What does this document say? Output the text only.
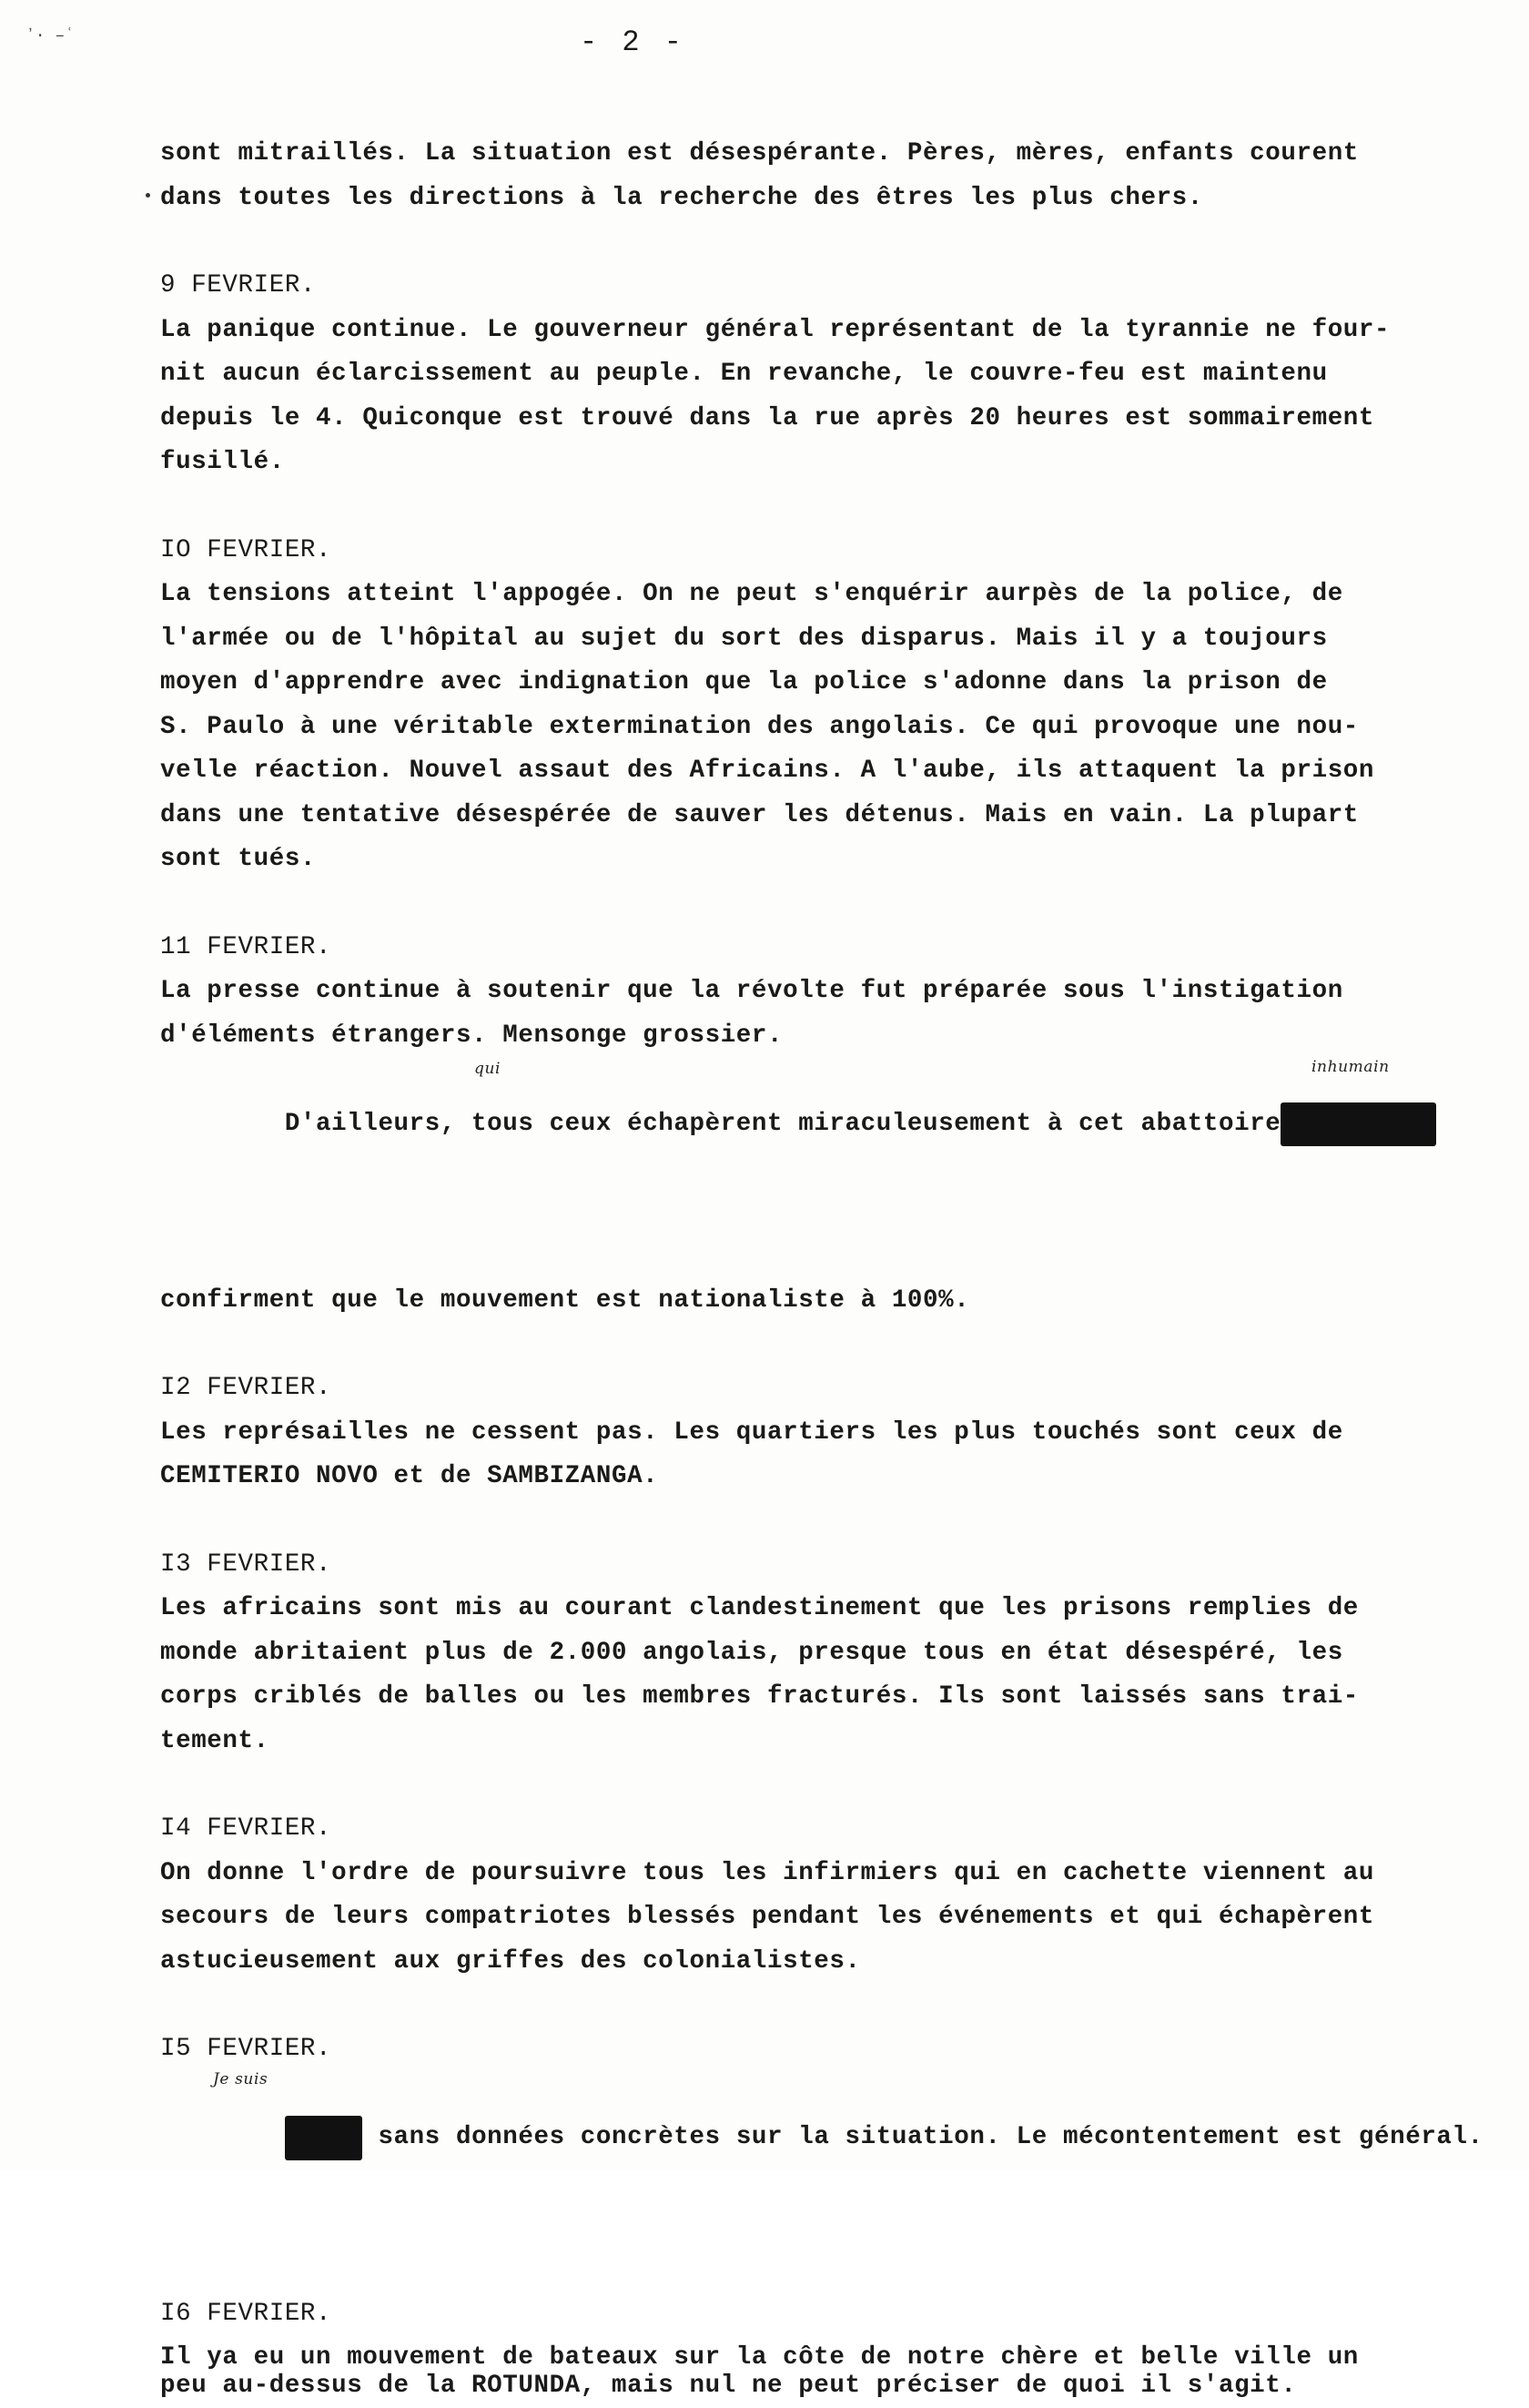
ʼ· –ʿ	- 2 -
sont mitraillés. La situation est désespérante. Pères, mères, enfants courent
dans toutes les directions à la recherche des êtres les plus chers.
9 FEVRIER.
La panique continue. Le gouverneur général représentant de la tyrannie ne four-
nit aucun éclarcissement au peuple. En revanche, le couvre-feu est maintenu
depuis le 4. Quiconque est trouvé dans la rue après 20 heures est sommairement
fusillé.
IO FEVRIER.
La tensions atteint l'appogée. On ne peut s'enquérir aurpès de la police, de
l'armée ou de l'hôpital au sujet du sort des disparus. Mais il y a toujours
moyen d'apprendre avec indignation que la police s'adonne dans la prison de
S. Paulo à une véritable extermination des angolais. Ce qui provoque une nou-
velle réaction. Nouvel assaut des Africains. A l'aube, ils attaquent la prison
dans une tentative désespérée de sauver les détenus. Mais en vain. La plupart
sont tués.
11 FEVRIER.
La presse continue à soutenir que la révolte fut préparée sous l'instigation
d'éléments étrangers. Mensonge grossier.

D'ailleurs, tous ceux échapèrent miraculeusement à cet abattoire

qui

	inhumain

confirment que le mouvement est nationaliste à 100%.
I2 FEVRIER.
Les représailles ne cessent pas. Les quartiers les plus touchés sont ceux de
CEMITERIO NOVO et de SAMBIZANGA.
I3 FEVRIER.
Les africains sont mis au courant clandestinement que les prisons remplies de
monde abritaient plus de 2.000 angolais, presque tous en état désespéré, les
corps criblés de balles ou les membres fracturés. Ils sont laissés sans trai-
tement.
I4 FEVRIER.
On donne l'ordre de poursuivre tous les infirmiers qui en cachette viennent au
secours de leurs compatriotes blessés pendant les événements et qui échapèrent
astucieusement aux griffes des colonialistes.
I5 FEVRIER.

sans données concrètes sur la situation. Le mécontentement est général.

Je suis

I6 FEVRIER.
Il ya eu un mouvement de bateaux sur la côte de notre chère et belle ville un
peu au-dessus de la ROTUNDA, mais nul ne peut préciser de quoi il s'agit.
